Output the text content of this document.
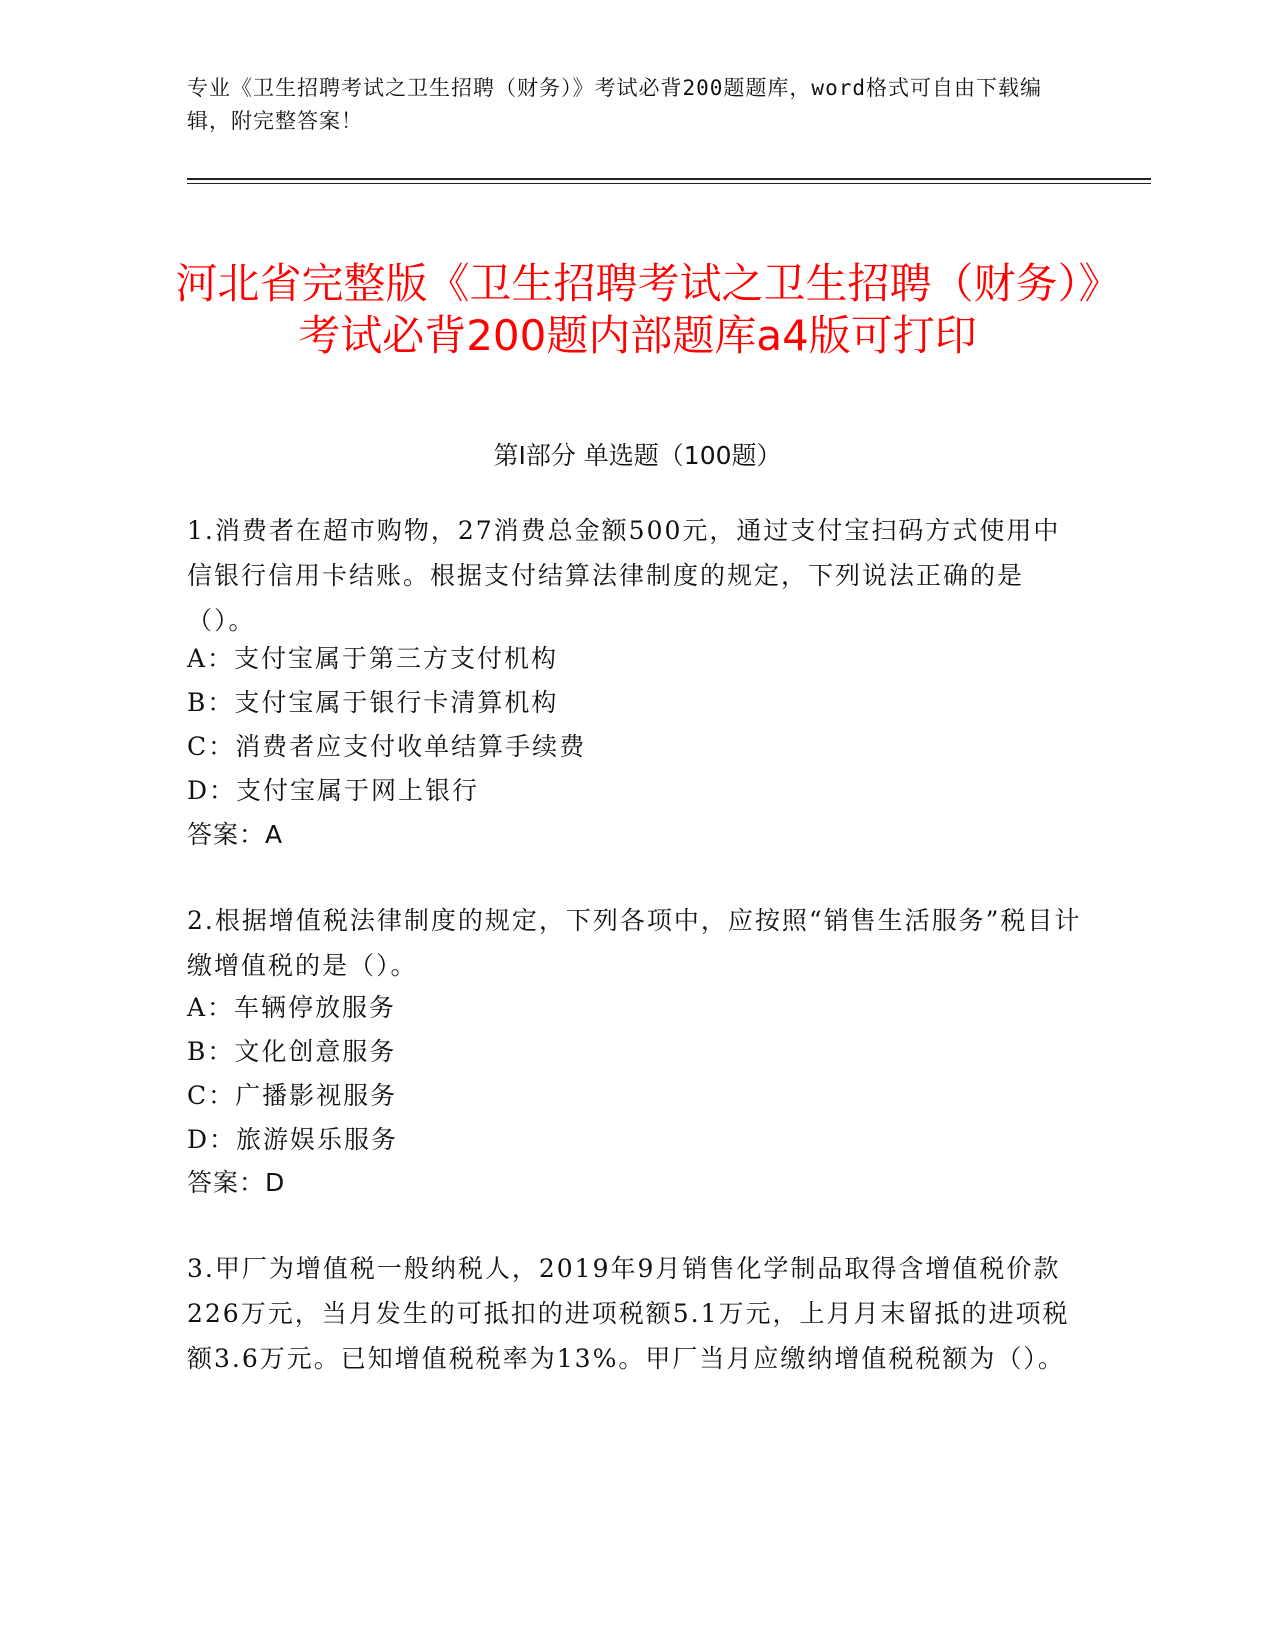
专业《卫生招聘考试之卫生招聘（财务）》考试必背200题题库，word格式可自由下载编辑，附完整答案！
河北省完整版《卫生招聘考试之卫生招聘（财务）》考试必背200题内部题库a4版可打印
第I部分 单选题（100题）
1.消费者在超市购物，27消费总金额500元，通过支付宝扫码方式使用中信银行信用卡结账。根据支付结算法律制度的规定，下列说法正确的是（）。
A：支付宝属于第三方支付机构
B：支付宝属于银行卡清算机构
C：消费者应支付收单结算手续费
D：支付宝属于网上银行
答案：A
2.根据增值税法律制度的规定，下列各项中，应按照“销售生活服务”税目计缴增值税的是（）。
A：车辆停放服务
B：文化创意服务
C：广播影视服务
D：旅游娱乐服务
答案：D
3.甲厂为增值税一般纳税人，2019年9月销售化学制品取得含增值税价款226万元，当月发生的可抵扣的进项税额5.1万元，上月月末留抵的进项税额3.6万元。已知增值税税率为13%。甲厂当月应缴纳增值税税额为（）。
